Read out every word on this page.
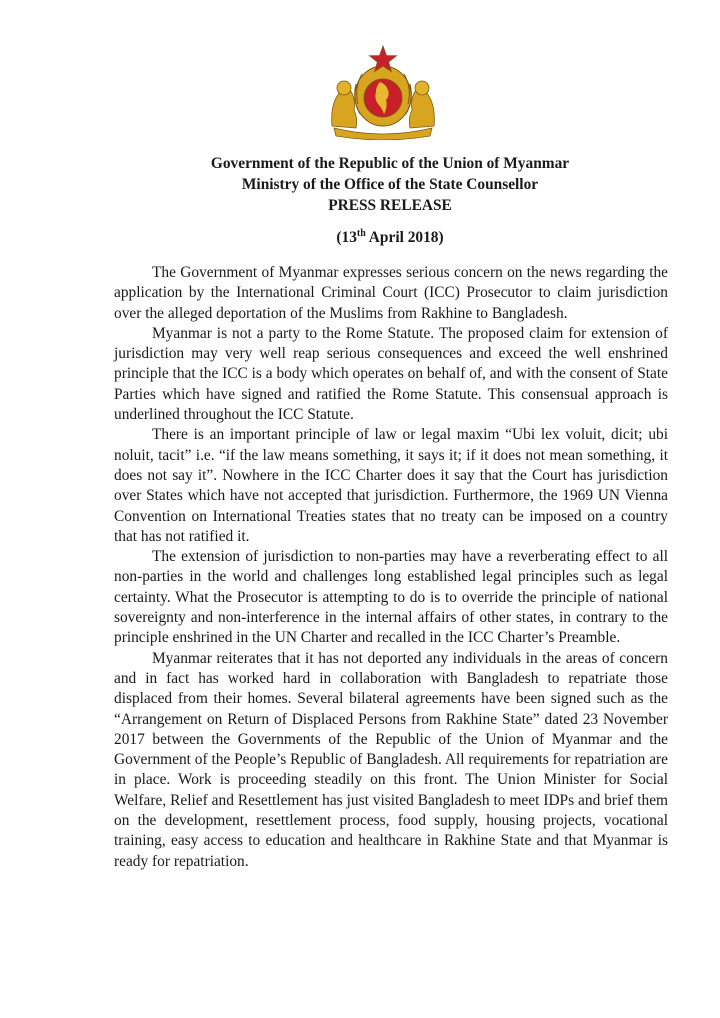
Government of the Republic of the Union of Myanmar
Ministry of the Office of the State Counsellor
PRESS RELEASE
(13th April 2018)

The Government of Myanmar expresses serious concern on the news regarding the application by the International Criminal Court (ICC) Prosecutor to claim jurisdiction over the alleged deportation of the Muslims from Rakhine to Bangladesh.

Myanmar is not a party to the Rome Statute. The proposed claim for extension of jurisdiction may very well reap serious consequences and exceed the well enshrined principle that the ICC is a body which operates on behalf of, and with the consent of State Parties which have signed and ratified the Rome Statute. This consensual approach is underlined throughout the ICC Statute.

There is an important principle of law or legal maxim “Ubi lex voluit, dicit; ubi noluit, tacit” i.e. “if the law means something, it says it; if it does not mean something, it does not say it”. Nowhere in the ICC Charter does it say that the Court has jurisdiction over States which have not accepted that jurisdiction. Furthermore, the 1969 UN Vienna Convention on International Treaties states that no treaty can be imposed on a country that has not ratified it.

The extension of jurisdiction to non-parties may have a reverberating effect to all non-parties in the world and challenges long established legal principles such as legal certainty. What the Prosecutor is attempting to do is to override the principle of national sovereignty and non-interference in the internal affairs of other states, in contrary to the principle enshrined in the UN Charter and recalled in the ICC Charter’s Preamble.

Myanmar reiterates that it has not deported any individuals in the areas of concern and in fact has worked hard in collaboration with Bangladesh to repatriate those displaced from their homes. Several bilateral agreements have been signed such as the “Arrangement on Return of Displaced Persons from Rakhine State” dated 23 November 2017 between the Governments of the Republic of the Union of Myanmar and the Government of the People’s Republic of Bangladesh. All requirements for repatriation are in place. Work is proceeding steadily on this front. The Union Minister for Social Welfare, Relief and Resettlement has just visited Bangladesh to meet IDPs and brief them on the development, resettlement process, food supply, housing projects, vocational training, easy access to education and healthcare in Rakhine State and that Myanmar is ready for repatriation.
